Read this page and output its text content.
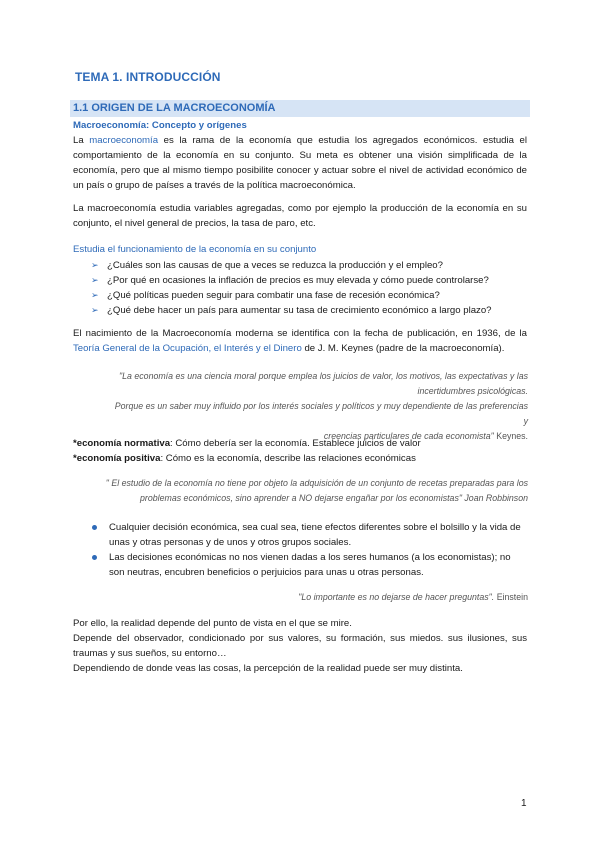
TEMA 1. INTRODUCCIÓN
1.1 ORIGEN DE LA MACROECONOMÍA
Macroeconomía: Concepto y orígenes
La macroeconomía es la rama de la economía que estudia los agregados económicos. estudia el comportamiento de la economía en su conjunto. Su meta es obtener una visión simplificada de la economía, pero que al mismo tiempo posibilite conocer y actuar sobre el nivel de actividad económico de un país o grupo de países a través de la política macroeconómica.
La macroeconomía estudia variables agregadas, como por ejemplo la producción de la economía en su conjunto, el nivel general de precios, la tasa de paro, etc.
Estudia el funcionamiento de la economía en su conjunto
➢ ¿Cuáles son las causas de que a veces se reduzca la producción y el empleo?
➢ ¿Por qué en ocasiones la inflación de precios es muy elevada y cómo puede controlarse?
➢ ¿Qué políticas pueden seguir para combatir una fase de recesión económica?
➢ ¿Qué debe hacer un país para aumentar su tasa de crecimiento económico a largo plazo?
El nacimiento de la Macroeconomía moderna se identifica con la fecha de publicación, en 1936, de la Teoría General de la Ocupación, el Interés y el Dinero de J. M. Keynes (padre de la macroeconomía).
"La economía es una ciencia moral porque emplea los juicios de valor, los motivos, las expectativas y las
incertidumbres psicológicas.
Porque es un saber muy influido por los interés sociales y políticos y muy dependiente de las preferencias y
creencias particulares de cada economista" Keynes.
*economía normativa: Cómo debería ser la economía. Establece juicios de valor
*economía positiva: Cómo es la economía, describe las relaciones económicas
" El estudio de la economía no tiene por objeto la adquisición de un conjunto de recetas preparadas para los
problemas económicos, sino aprender a NO dejarse engañar por los economistas" Joan Robbinson
Cualquier decisión económica, sea cual sea, tiene efectos diferentes sobre el bolsillo y la vida de unas y otras personas y de unos y otros grupos sociales.
Las decisiones económicas no nos vienen dadas a los seres humanos (a los economistas); no son neutras, encubren beneficios o perjuicios para unas u otras personas.
"Lo importante es no dejarse de hacer preguntas". Einstein
Por ello, la realidad depende del punto de vista en el que se mire.
Depende del observador, condicionado por sus valores, su formación, sus miedos. sus ilusiones, sus traumas y sus sueños, su entorno…
Dependiendo de donde veas las cosas, la percepción de la realidad puede ser muy distinta.
1
